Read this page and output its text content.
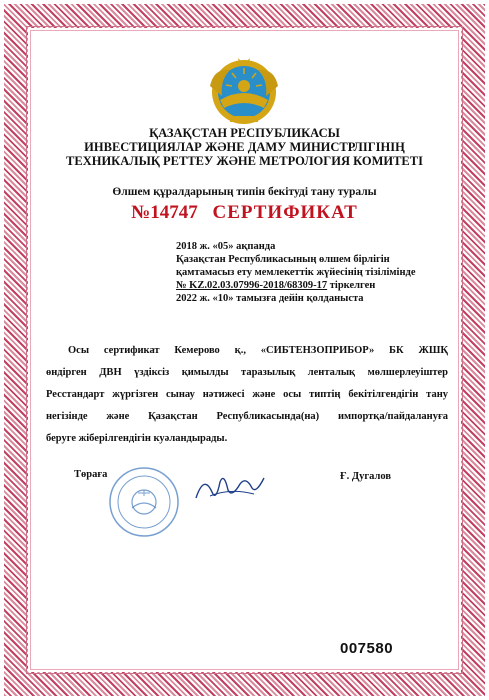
ҚАЗАҚСТАН РЕСПУБЛИКАСЫ
ИНВЕСТИЦИЯЛАР ЖӘНЕ ДАМУ МИНИСТРЛІГІНІҢ
ТЕХНИКАЛЫҚ РЕТТЕУ ЖӘНЕ МЕТРОЛОГИЯ КОМИТЕТІ
Өлшем құралдарының типін бекітуді тану туралы
№14747 СЕРТИФИКАТ
2018 ж. «05» ақпанда
Қазақстан Республикасының өлшем бірлігін
қамтамасыз ету мемлекеттік жүйесінің тізілімінде
№ KZ.02.03.07996-2018/68309-17 тіркелген
2022 ж. «10» тамызға дейін қолданыста
Осы сертификат Кемерово қ., «СИБТЕНЗОПРИБОР» БК ЖШҚ
өндірген ДВН үздіксіз қимылды таразылық ленталық мөлшерлеуіштер
Ресстандарт жүргізген сынау нәтижесі және осы типтің бекітілгендігін тану
негізінде және Қазақстан Республикасында(на) импортқа/пайдалануға
беруге жіберілгендігін куәландырады.
Төраға	Ғ. Дугалов
007580
